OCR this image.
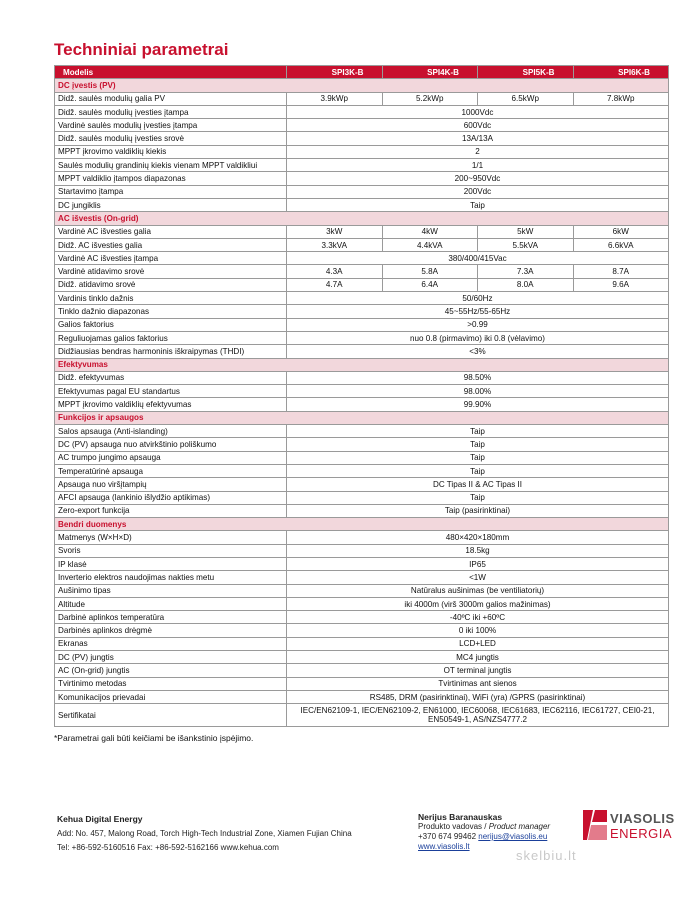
Techniniai parametrai
Modelis	SPI3K-B	SPI4K-B	SPI5K-B	SPI6K-B
DC įvestis (PV)				
Didž. saulės modulių galia PV	3.9kWp	5.2kWp	6.5kWp	7.8kWp
Didž. saulės modulių įvesties įtampa	1000Vdc			
Vardinė saulės modulių įvesties įtampa	600Vdc			
Didž. saulės modulių įvesties srovė	13A/13A			
MPPT įkrovimo valdiklių kiekis	2			
Saulės modulių grandinių kiekis vienam MPPT valdikliui	1/1			
MPPT valdiklio įtampos diapazonas	200~950Vdc			
Startavimo įtampa	200Vdc			
DC jungiklis	Taip			
AC išvestis (On-grid)				
Vardinė AC išvesties galia	3kW	4kW	5kW	6kW
Didž. AC išvesties galia	3.3kVA	4.4kVA	5.5kVA	6.6kVA
Vardinė AC išvesties įtampa	380/400/415Vac			
Vardinė atidavimo srovė	4.3A	5.8A	7.3A	8.7A
Didž. atidavimo srovė	4.7A	6.4A	8.0A	9.6A
Vardinis tinklo dažnis	50/60Hz			
Tinklo dažnio diapazonas	45~55Hz/55-65Hz			
Galios faktorius	>0.99			
Reguliuojamas galios faktorius	nuo 0.8 (pirmavimo) iki 0.8 (vėlavimo)			
Didžiausias bendras harmoninis iškraipymas (THDI)	<3%			
Efektyvumas				
Didž. efektyvumas	98.50%			
Efektyvumas pagal EU standartus	98.00%			
MPPT įkrovimo valdiklių efektyvumas	99.90%			
Funkcijos ir apsaugos				
Salos apsauga (Anti-islanding)	Taip			
DC (PV) apsauga nuo atvirkštinio poliškumo	Taip			
AC trumpo jungimo apsauga	Taip			
Temperatūrinė apsauga	Taip			
Apsauga nuo viršįtampių	DC Tipas II & AC Tipas II			
AFCI apsauga (lankinio išlydžio aptikimas)	Taip			
Zero-export funkcija	Taip (pasirinktinai)			
Bendri duomenys				
Matmenys (W×H×D)	480×420×180mm			
Svoris	18.5kg			
IP klasė	IP65			
Inverterio elektros naudojimas nakties metu	<1W			
Aušinimo tipas	Natūralus aušinimas (be ventiliatorių)			
Altitude	iki 4000m (virš 3000m galios mažinimas)			
Darbinė aplinkos temperatūra	-40ºC iki +60ºC			
Darbinės aplinkos drėgmė	0 iki 100%			
Ekranas	LCD+LED			
DC (PV) jungtis	MC4 jungtis			
AC (On-grid) jungtis	OT terminal jungtis			
Tvirtinimo metodas	Tvirtinimas ant sienos			
Komunikacijos prievadai	RS485, DRM (pasirinktinai), WiFi (yra) /GPRS (pasirinktinai)			
Sertifikatai	IEC/EN62109-1, IEC/EN62109-2, EN61000, IEC60068, IEC61683, IEC62116, IEC61727, CEI0-21, EN50549-1, AS/NZS4777.2			
*Parametrai gali būti keičiami be išankstinio įspėjimo.
Kehua Digital Energy
Add: No. 457, Malong Road, Torch High-Tech Industrial Zone, Xiamen Fujian China
Tel: +86-592-5160516 Fax: +86-592-5162166 www.kehua.com
Nerijus Baranauskas
Produkto vadovas / Product manager
+370 674 99462 nerijus@viasolis.eu
www.viasolis.lt
VIASOLIS
ENERGIA
skelbiu.lt
